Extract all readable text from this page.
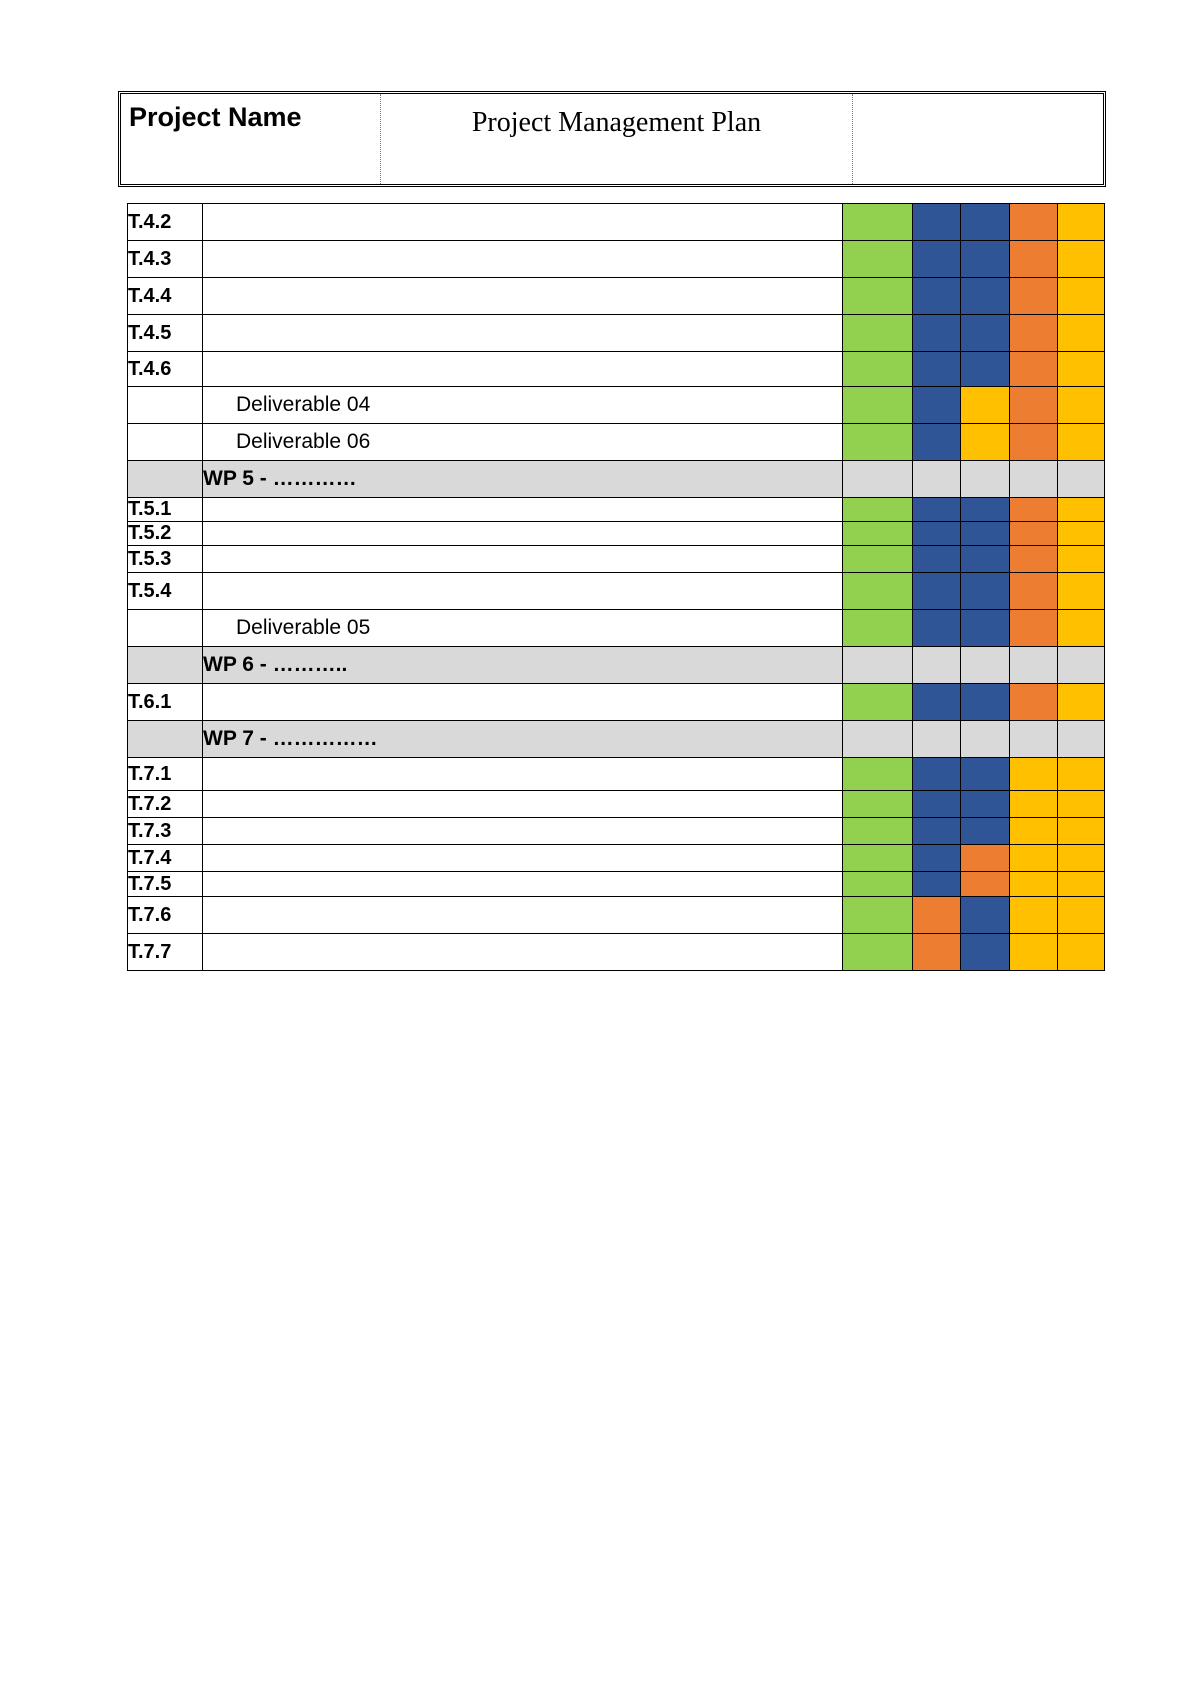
Project Name	Project Management Plan
T.4.2						
T.4.3						
T.4.4						
T.4.5						
T.4.6						
	Deliverable 04					
	Deliverable 06					
	WP 5 - …………					
T.5.1						
T.5.2						
T.5.3						
T.5.4						
	Deliverable 05					
	WP 6 - ………..					
T.6.1						
	WP 7 - ……………					
T.7.1						
T.7.2						
T.7.3						
T.7.4						
T.7.5						
T.7.6						
T.7.7						
